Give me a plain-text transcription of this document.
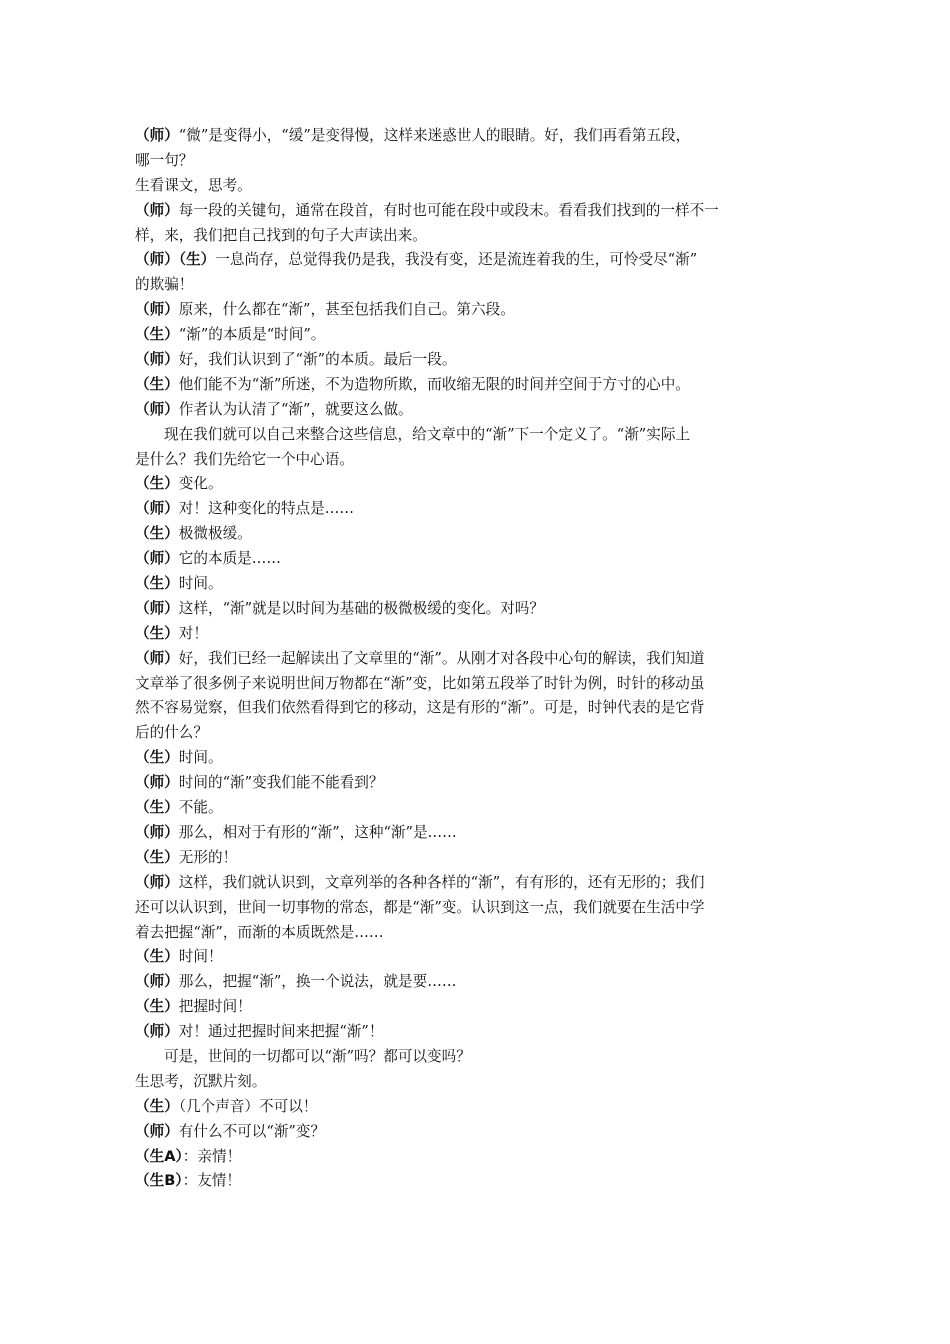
（师）“微”是变得小，“缓”是变得慢，这样来迷惑世人的眼睛。好，我们再看第五段，
哪一句？
生看课文，思考。
（师）每一段的关键句，通常在段首，有时也可能在段中或段末。看看我们找到的一样不一
样，来，我们把自己找到的句子大声读出来。
（师）（生）一息尚存，总觉得我仍是我，我没有变，还是流连着我的生，可怜受尽“渐”
的欺骗！
（师）原来，什么都在“渐”，甚至包括我们自己。第六段。
（生）“渐”的本质是“时间”。
（师）好，我们认识到了“渐”的本质。最后一段。
（生）他们能不为“渐”所迷，不为造物所欺，而收缩无限的时间并空间于方寸的心中。
（师）作者认为认清了“渐”，就要这么做。
现在我们就可以自己来整合这些信息，给文章中的“渐”下一个定义了。“渐”实际上
是什么？我们先给它一个中心语。
（生）变化。
（师）对！这种变化的特点是……
（生）极微极缓。
（师）它的本质是……
（生）时间。
（师）这样，“渐”就是以时间为基础的极微极缓的变化。对吗？
（生）对！
（师）好，我们已经一起解读出了文章里的“渐”。从刚才对各段中心句的解读，我们知道
文章举了很多例子来说明世间万物都在“渐”变，比如第五段举了时针为例，时针的移动虽
然不容易觉察，但我们依然看得到它的移动，这是有形的“渐”。可是，时钟代表的是它背
后的什么？
（生）时间。
（师）时间的“渐”变我们能不能看到？
（生）不能。
（师）那么，相对于有形的“渐”，这种“渐”是……
（生）无形的！
（师）这样，我们就认识到，文章列举的各种各样的“渐”，有有形的，还有无形的；我们
还可以认识到，世间一切事物的常态，都是“渐”变。认识到这一点，我们就要在生活中学
着去把握“渐”，而渐的本质既然是……
（生）时间！
（师）那么，把握“渐”，换一个说法，就是要……
（生）把握时间！
（师）对！通过把握时间来把握“渐”！
可是，世间的一切都可以“渐”吗？都可以变吗？
生思考，沉默片刻。
（生）（几个声音）不可以！
（师）有什么不可以“渐”变？
（生A）：亲情！
（生B）：友情！
